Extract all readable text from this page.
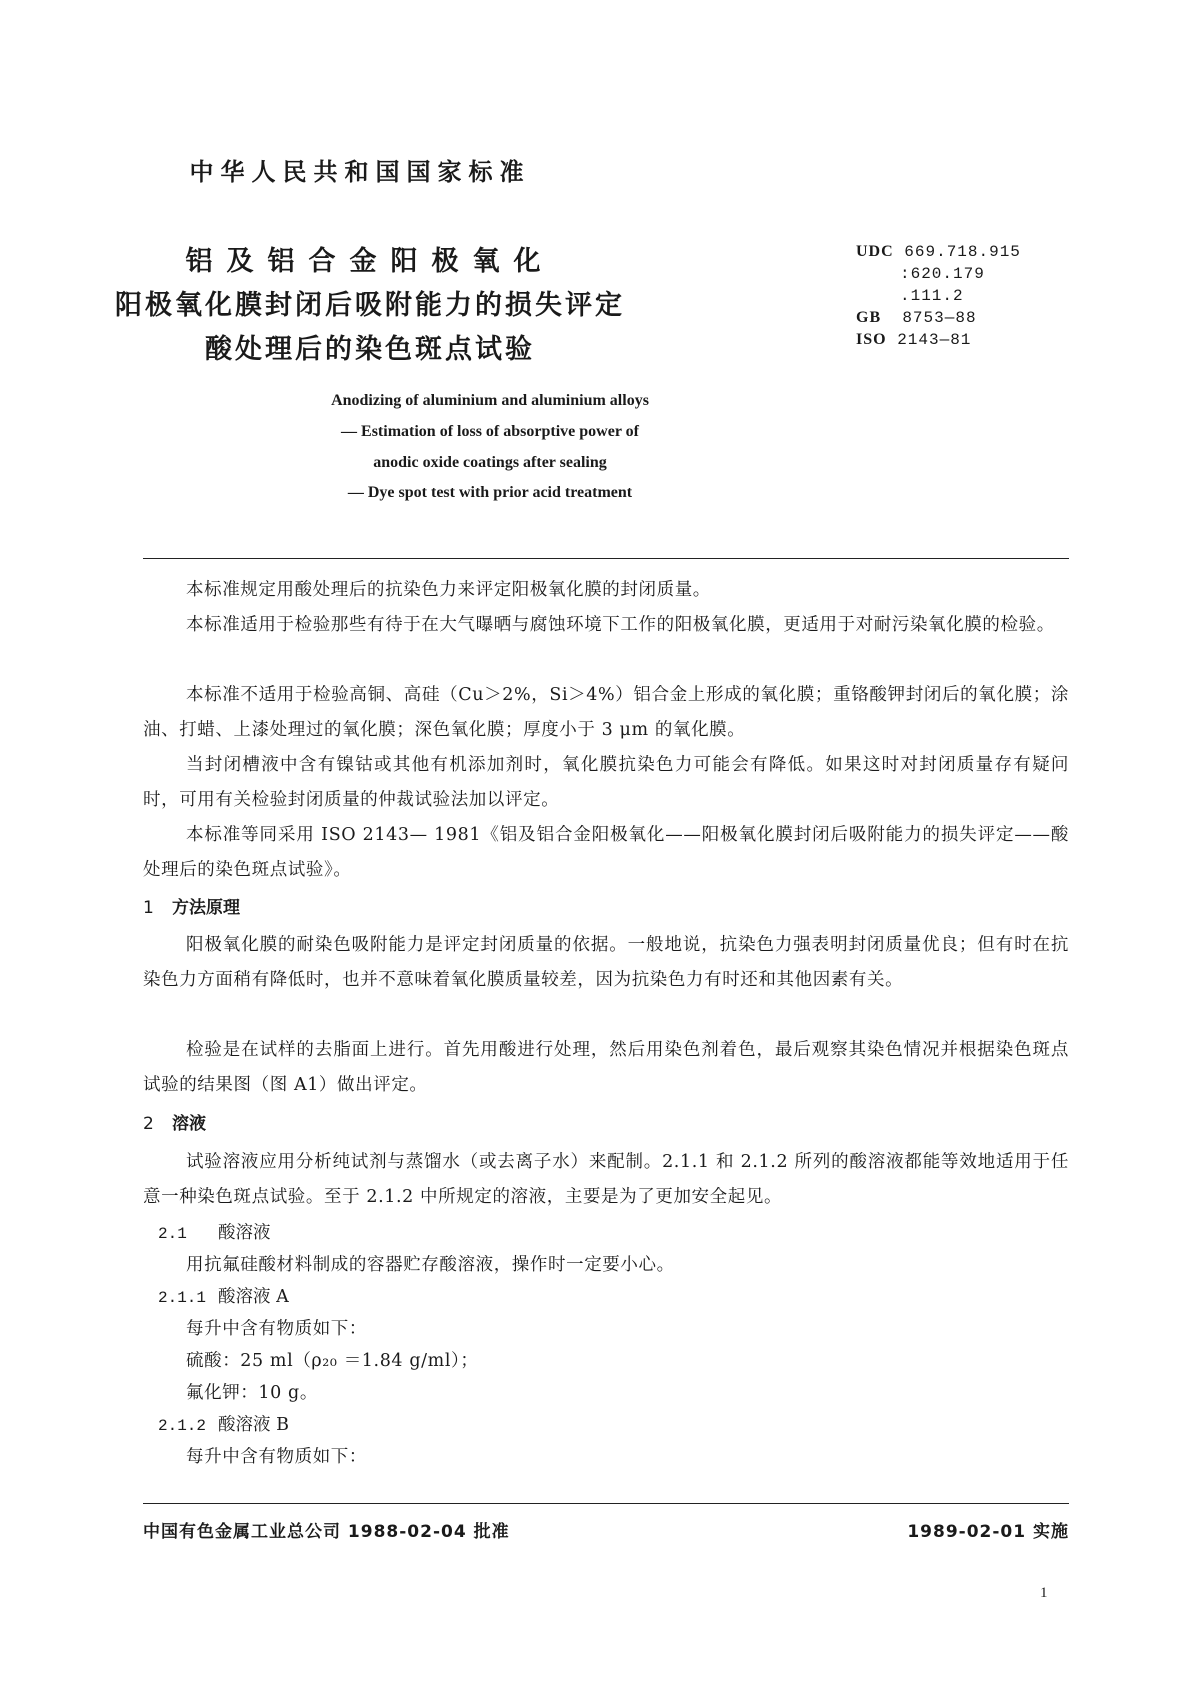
中华人民共和国国家标准
铝及铝合金阳极氧化
阳极氧化膜封闭后吸附能力的损失评定
酸处理后的染色斑点试验
UDC 669.718.915
:620.179
.111.2
GB 8753—88
ISO 2143—81
Anodizing of aluminium and aluminium alloys
— Estimation of loss of absorptive power of
anodic oxide coatings after sealing
— Dye spot test with prior acid treatment
本标准规定用酸处理后的抗染色力来评定阳极氧化膜的封闭质量。
本标准适用于检验那些有待于在大气曝晒与腐蚀环境下工作的阳极氧化膜，更适用于对耐污染氧化膜的检验。
本标准不适用于检验高铜、高硅（Cu＞2%，Si＞4%）铝合金上形成的氧化膜；重铬酸钾封闭后的氧化膜；涂油、打蜡、上漆处理过的氧化膜；深色氧化膜；厚度小于 3 μm 的氧化膜。
当封闭槽液中含有镍钴或其他有机添加剂时，氧化膜抗染色力可能会有降低。如果这时对封闭质量存有疑问时，可用有关检验封闭质量的仲裁试验法加以评定。
本标准等同采用 ISO 2143— 1981《铝及铝合金阳极氧化——阳极氧化膜封闭后吸附能力的损失评定——酸处理后的染色斑点试验》。
1 方法原理
阳极氧化膜的耐染色吸附能力是评定封闭质量的依据。一般地说，抗染色力强表明封闭质量优良；但有时在抗染色力方面稍有降低时，也并不意味着氧化膜质量较差，因为抗染色力有时还和其他因素有关。
检验是在试样的去脂面上进行。首先用酸进行处理，然后用染色剂着色，最后观察其染色情况并根据染色斑点试验的结果图（图 A1）做出评定。
2 溶液
试验溶液应用分析纯试剂与蒸馏水（或去离子水）来配制。2.1.1 和 2.1.2 所列的酸溶液都能等效地适用于任意一种染色斑点试验。至于 2.1.2 中所规定的溶液，主要是为了更加安全起见。
2.1 酸溶液
用抗氟硅酸材料制成的容器贮存酸溶液，操作时一定要小心。
2.1.1 酸溶液 A
每升中含有物质如下：
硫酸：25 ml（ρ₂₀ ＝1.84 g/ml）；
氟化钾：10 g。
2.1.2 酸溶液 B
每升中含有物质如下：
中国有色金属工业总公司 1988-02-04 批准	1989-02-01 实施
1
